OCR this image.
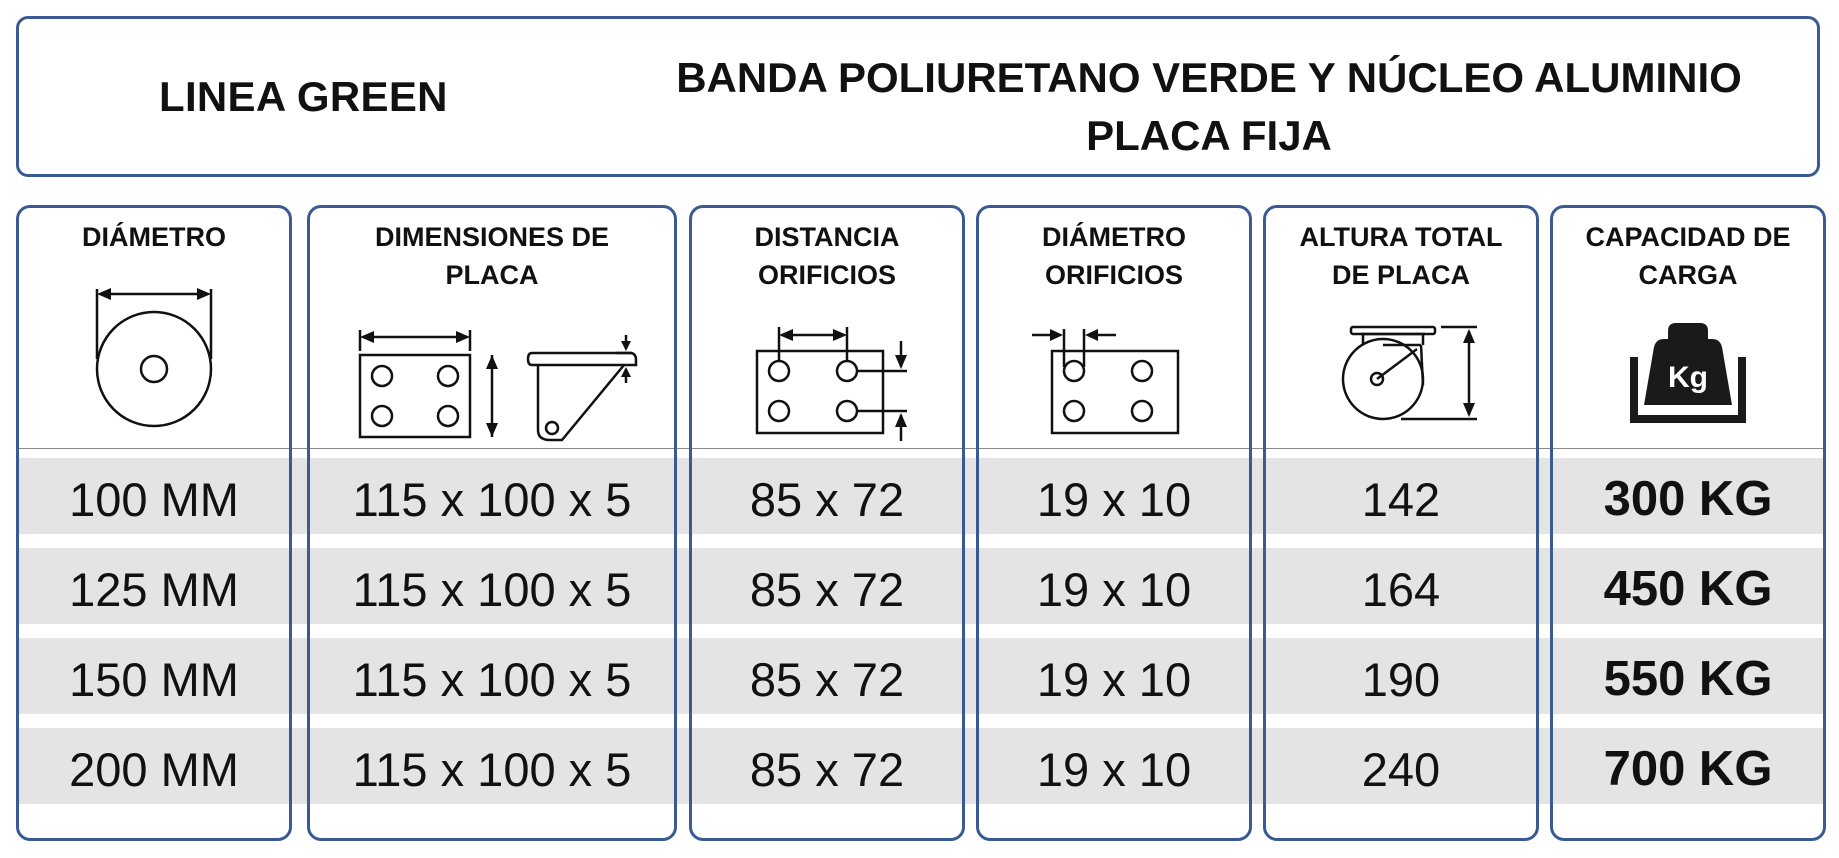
LINEA GREEN	BANDA POLIURETANO VERDE Y NÚCLEO ALUMINIO
PLACA FIJA
DIÁMETRO
100 MM
125 MM
150 MM
200 MM
DIMENSIONES DE
PLACA
115 x 100 x 5
115 x 100 x 5
115 x 100 x 5
115 x 100 x 5
DISTANCIA
ORIFICIOS
85 x 72
85 x 72
85 x 72
85 x 72
DIÁMETRO
ORIFICIOS
19 x 10
19 x 10
19 x 10
19 x 10
ALTURA TOTAL
DE PLACA
142
164
190
240
CAPACIDAD DE
CARGA
Kg
300 KG
450 KG
550 KG
700 KG
